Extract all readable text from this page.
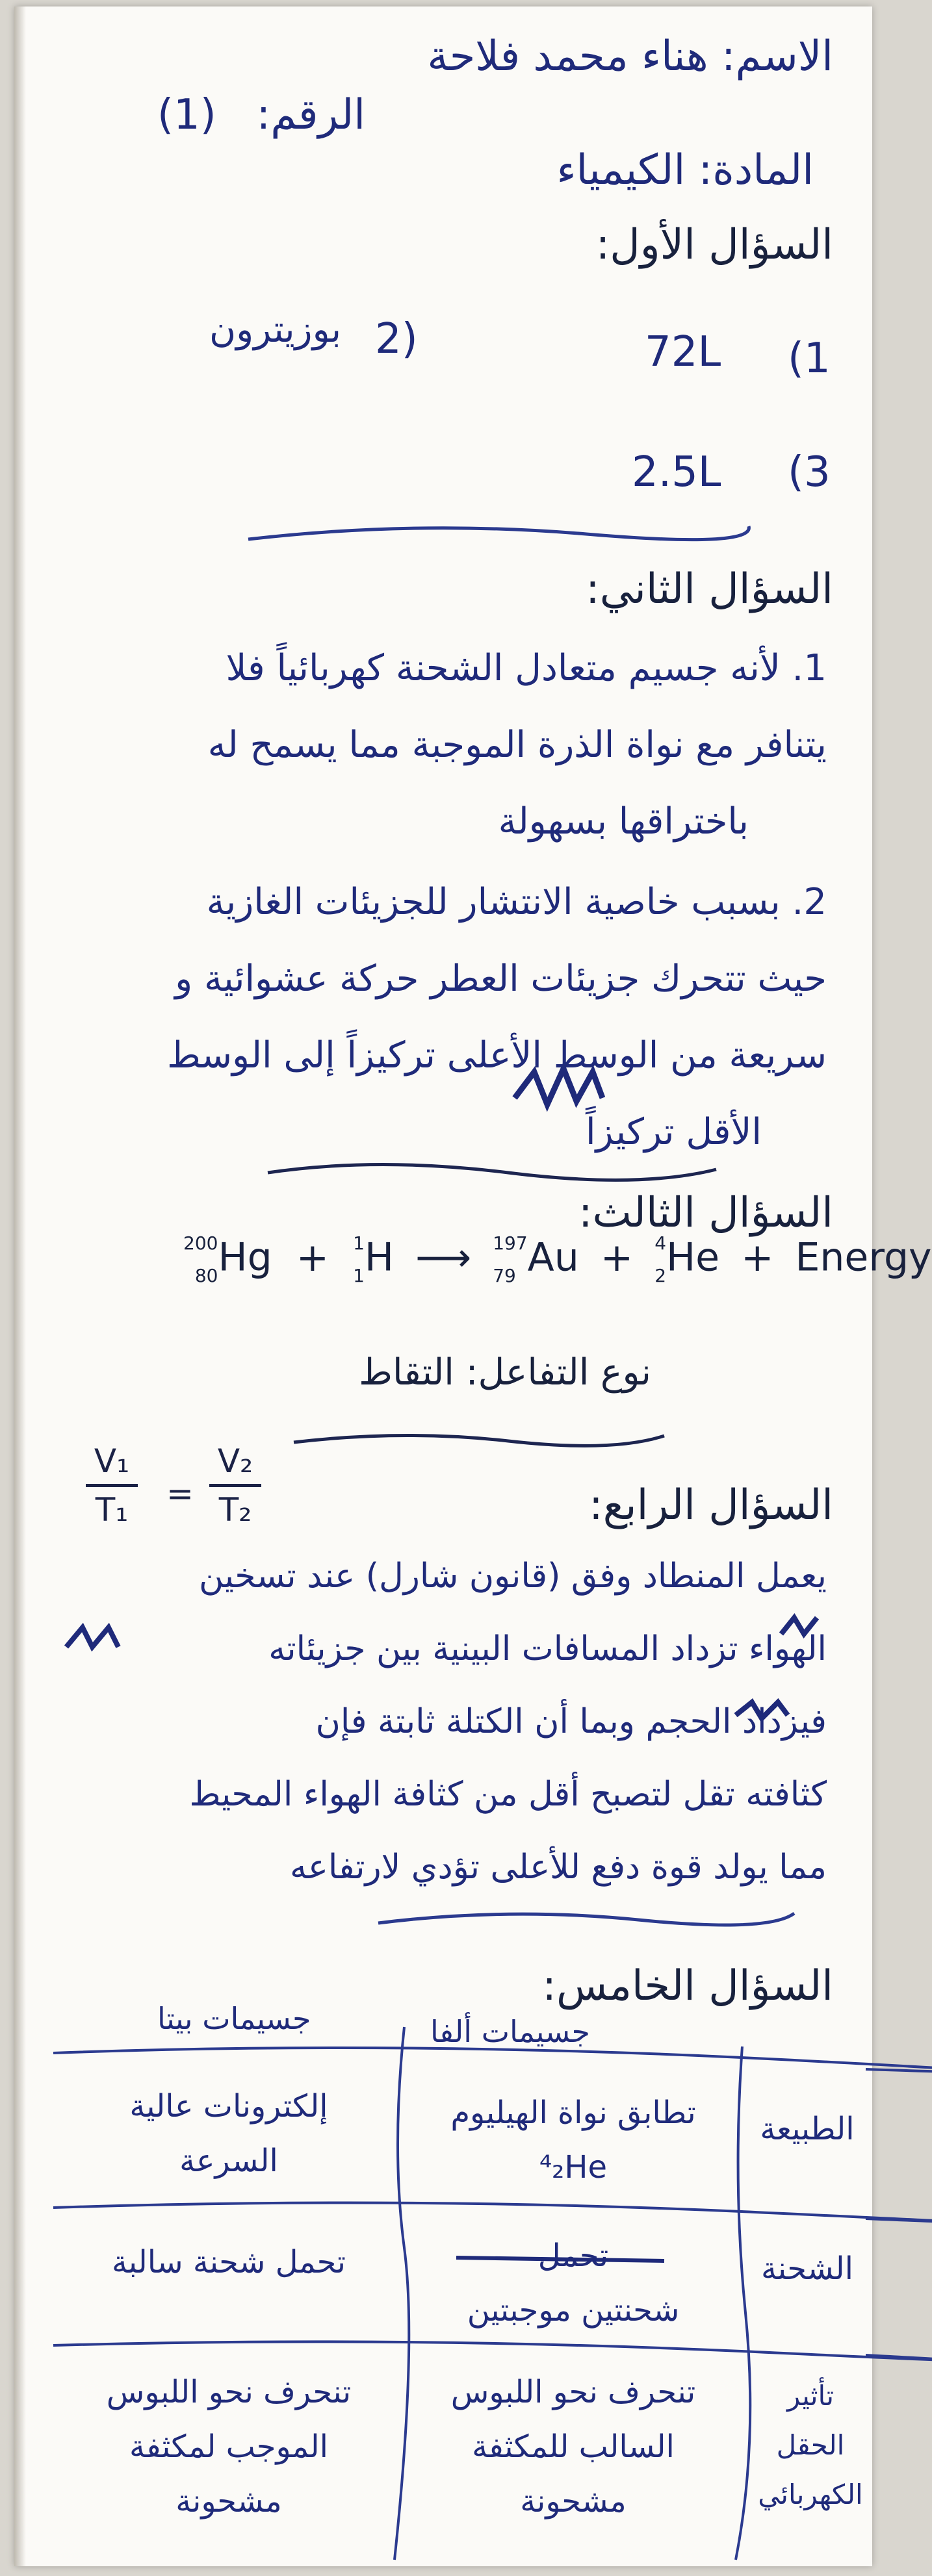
الاسم: هناء محمد فلاحة
الرقم:
(1)
المادة: الكيمياء
السؤال الأول:
(1
72L
بوزيترون 2)
(3
2.5L
السؤال الثاني:
1. لأنه جسيم متعادل الشحنة كهربائياً فلا
يتنافر مع نواة الذرة الموجبة مما يسمح له
باختراقها بسهولة
2. بسبب خاصية الانتشار للجزيئات الغازية
حيث تتحرك جزيئات العطر حركة عشوائية و
سريعة من الوسط الأعلى تركيزاً إلى الوسط
الأقل تركيزاً
السؤال الثالث:
200
80 Hg + 1
1 H ⟶ 197
79 Au + 4
2 He + Energy
نوع التفاعل: التقاط
السؤال الرابع:
V₁
T₁ =
V₂
T₂
يعمل المنطاد وفق (قانون شارل) عند تسخين
الهواء تزداد المسافات البينية بين جزيئاته
فيزداد الحجم وبما أن الكتلة ثابتة فإن
كثافته تقل لتصبح أقل من كثافة الهواء المحيط
مما يولد قوة دفع للأعلى تؤدي لارتفاعه
السؤال الخامس:
جسيمات ألفا
جسيمات بيتا
الطبيعة
تطابق نواة الهيليوم
⁴₂He
إلكترونات عالية
السرعة
الشحنة
تحمل
شحنتين موجبتين
تحمل شحنة سالبة
تأثير
الحقل
الكهربائي
تنحرف نحو اللبوس
السالب للمكثفة
مشحونة
تنحرف نحو اللبوس
الموجب لمكثفة
مشحونة
